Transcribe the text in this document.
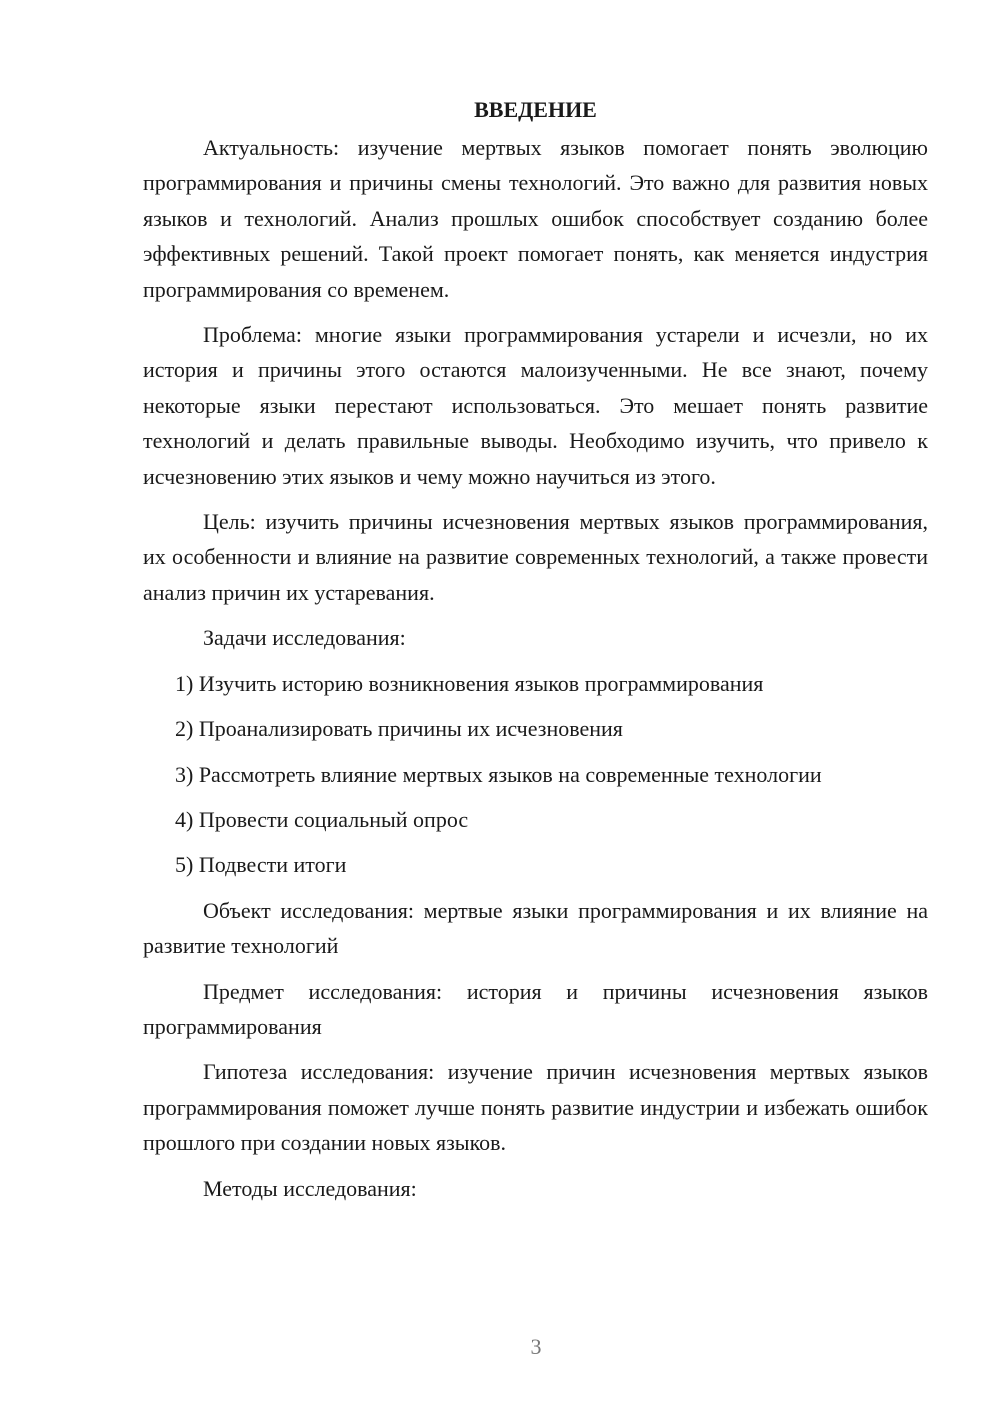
ВВЕДЕНИЕ

Актуальность: изучение мертвых языков помогает понять эволюцию программирования и причины смены технологий. Это важно для развития новых языков и технологий. Анализ прошлых ошибок способствует созданию более эффективных решений. Такой проект помогает понять, как меняется индустрия программирования со временем.

Проблема: многие языки программирования устарели и исчезли, но их история и причины этого остаются малоизученными. Не все знают, почему некоторые языки перестают использоваться. Это мешает понять развитие технологий и делать правильные выводы. Необходимо изучить, что привело к исчезновению этих языков и чему можно научиться из этого.

Цель: изучить причины исчезновения мертвых языков программирования, их особенности и влияние на развитие современных технологий, а также провести анализ причин их устаревания.

Задачи исследования:

1) Изучить историю возникновения языков программирования
2) Проанализировать причины их исчезновения
3) Рассмотреть влияние мертвых языков на современные технологии
4) Провести социальный опрос
5) Подвести итоги

Объект исследования: мертвые языки программирования и их влияние на развитие технологий

Предмет исследования: история и причины исчезновения языков программирования

Гипотеза исследования: изучение причин исчезновения мертвых языков программирования поможет лучше понять развитие индустрии и избежать ошибок прошлого при создании новых языков.

Методы исследования:

3
